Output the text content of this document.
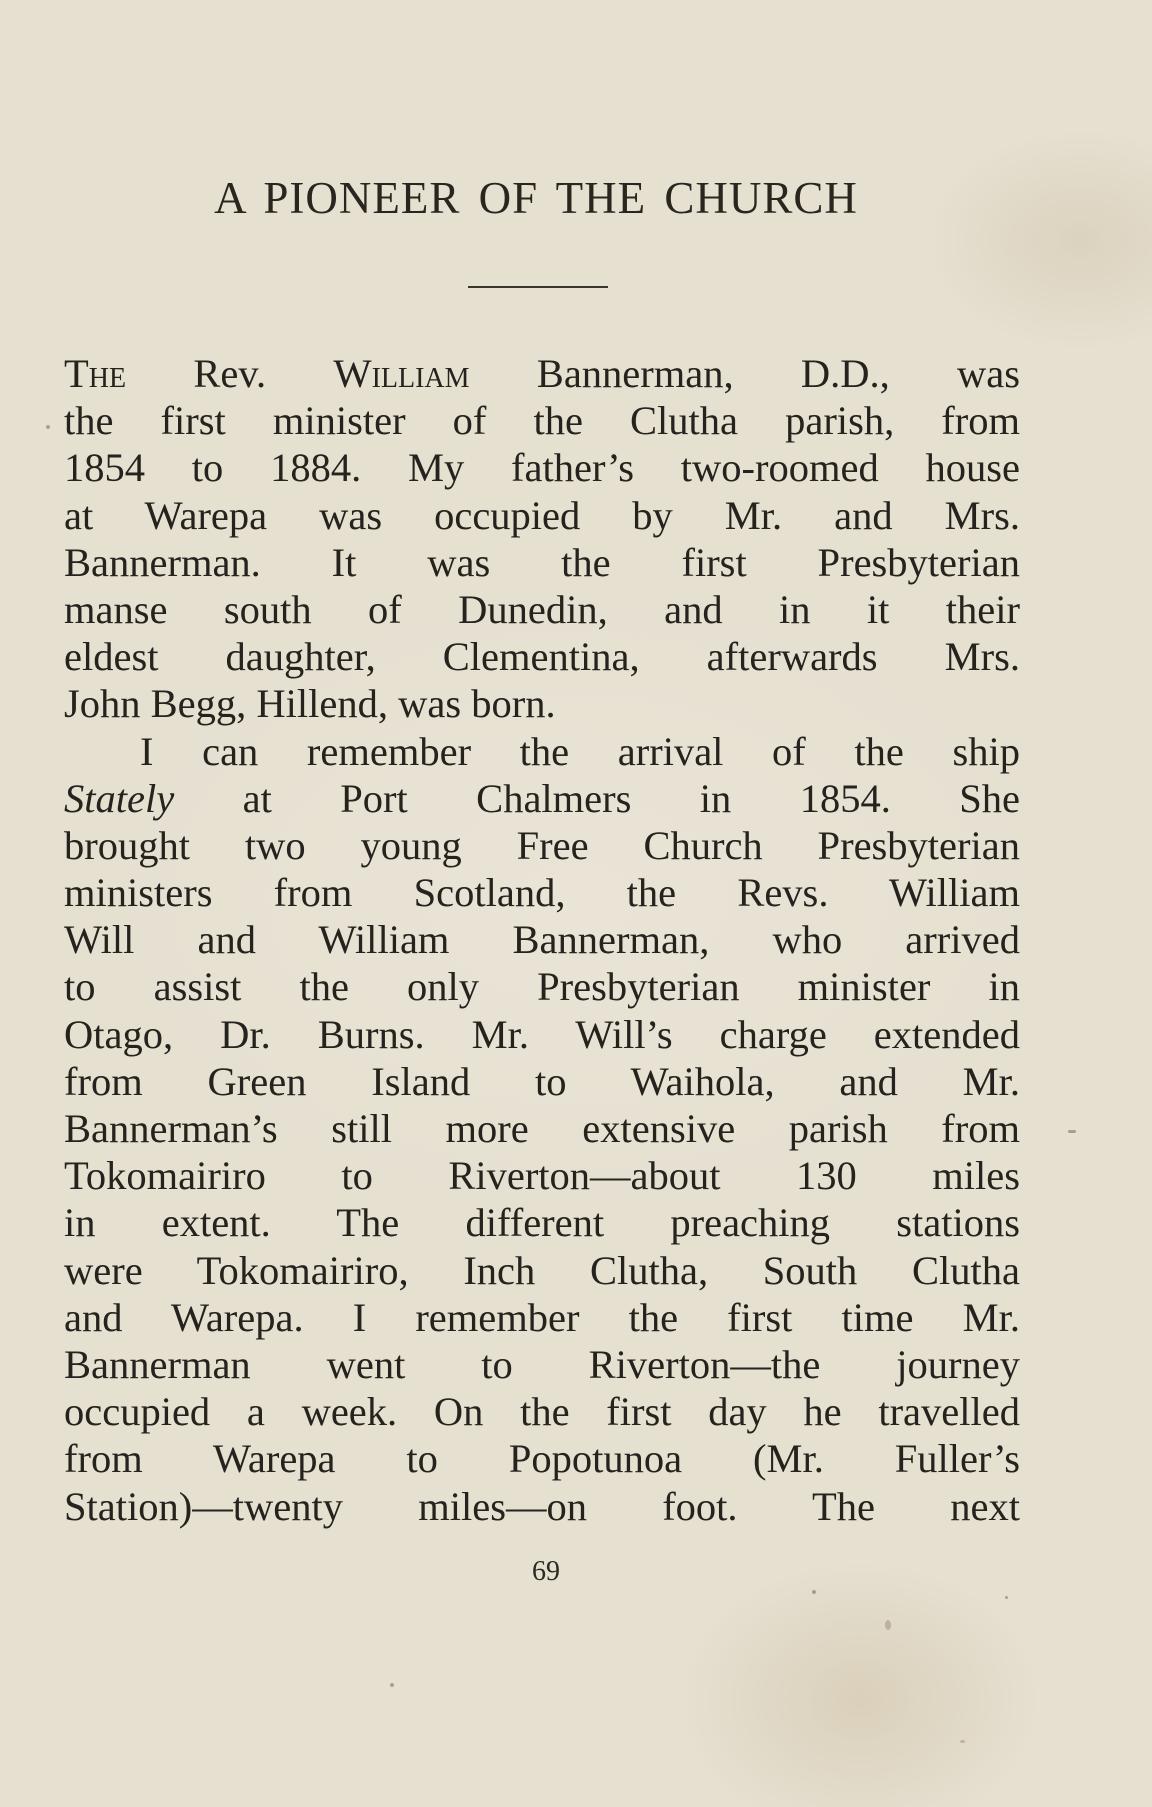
A PIONEER OF THE CHURCH
The Rev. William Bannerman, D.D., was
the first minister of the Clutha parish, from
1854 to 1884. My father’s two-roomed house
at Warepa was occupied by Mr. and Mrs.
Bannerman. It was the first Presbyterian
manse south of Dunedin, and in it their
eldest daughter, Clementina, afterwards Mrs.
John Begg, Hillend, was born.
I can remember the arrival of the ship
Stately at Port Chalmers in 1854. She
brought two young Free Church Presbyterian
ministers from Scotland, the Revs. William
Will and William Bannerman, who arrived
to assist the only Presbyterian minister in
Otago, Dr. Burns. Mr. Will’s charge extended
from Green Island to Waihola, and Mr.
Bannerman’s still more extensive parish from
Tokomairiro to Riverton—about 130 miles
in extent. The different preaching stations
were Tokomairiro, Inch Clutha, South Clutha
and Warepa. I remember the first time Mr.
Bannerman went to Riverton—the journey
occupied a week. On the first day he travelled
from Warepa to Popotunoa (Mr. Fuller’s
Station)—twenty miles—on foot. The next
69
